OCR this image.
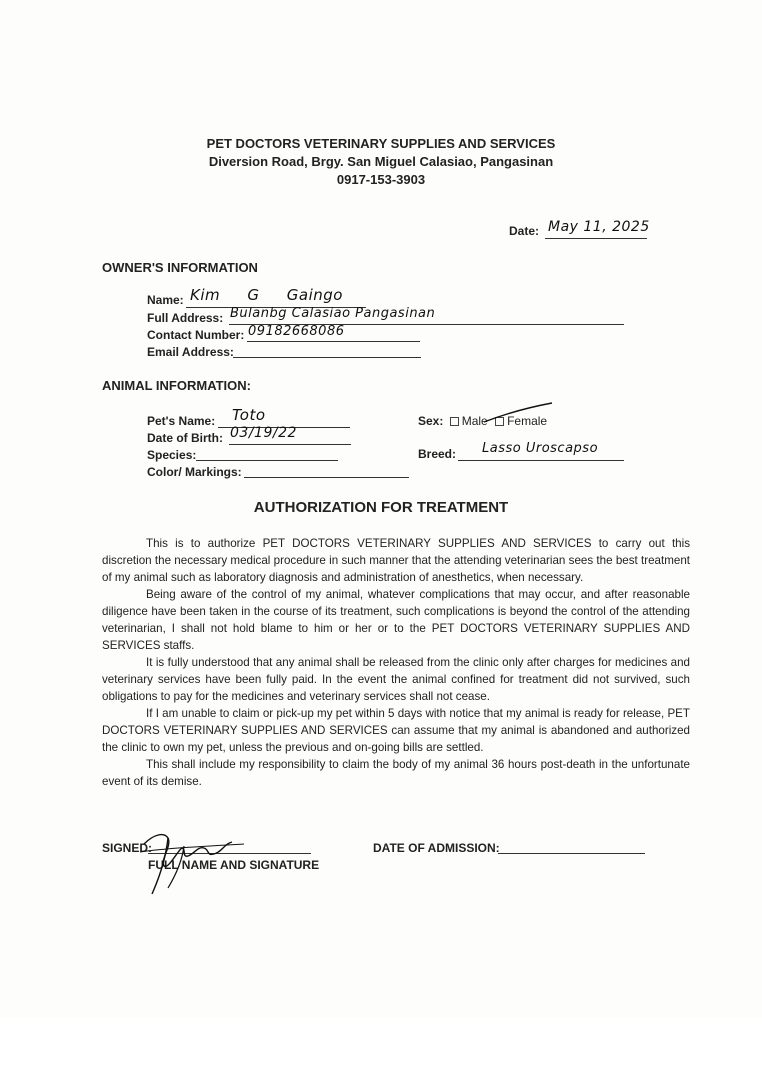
PET DOCTORS VETERINARY SUPPLIES AND SERVICES
Diversion Road, Brgy. San Miguel Calasiao, Pangasinan
0917-153-3903
Date: May 11, 2025
OWNER'S INFORMATION
Name: Kim G Gaingo
Full Address: Bulanbg Calasiao Pangasinan
Contact Number: 09182668086
Email Address:
ANIMAL INFORMATION:
Pet's Name: Toto
Date of Birth: 03/19/22
Species:
Color/ Markings:
Sex: Male Female
Breed: Lasso Uroscapso
AUTHORIZATION FOR TREATMENT

This is to authorize PET DOCTORS VETERINARY SUPPLIES AND SERVICES to carry out this discretion the necessary medical procedure in such manner that the attending veterinarian sees the best treatment of my animal such as laboratory diagnosis and administration of anesthetics, when necessary.

Being aware of the control of my animal, whatever complications that may occur, and after reasonable diligence have been taken in the course of its treatment, such complications is beyond the control of the attending veterinarian, I shall not hold blame to him or her or to the PET DOCTORS VETERINARY SUPPLIES AND SERVICES staffs.

It is fully understood that any animal shall be released from the clinic only after charges for medicines and veterinary services have been fully paid. In the event the animal confined for treatment did not survived, such obligations to pay for the medicines and veterinary services shall not cease.

If I am unable to claim or pick-up my pet within 5 days with notice that my animal is ready for release, PET DOCTORS VETERINARY SUPPLIES AND SERVICES can assume that my animal is abandoned and authorized the clinic to own my pet, unless the previous and on-going bills are settled.

This shall include my responsibility to claim the body of my animal 36 hours post-death in the unfortunate event of its demise.

SIGNED:
FULL NAME AND SIGNATURE
DATE OF ADMISSION:
